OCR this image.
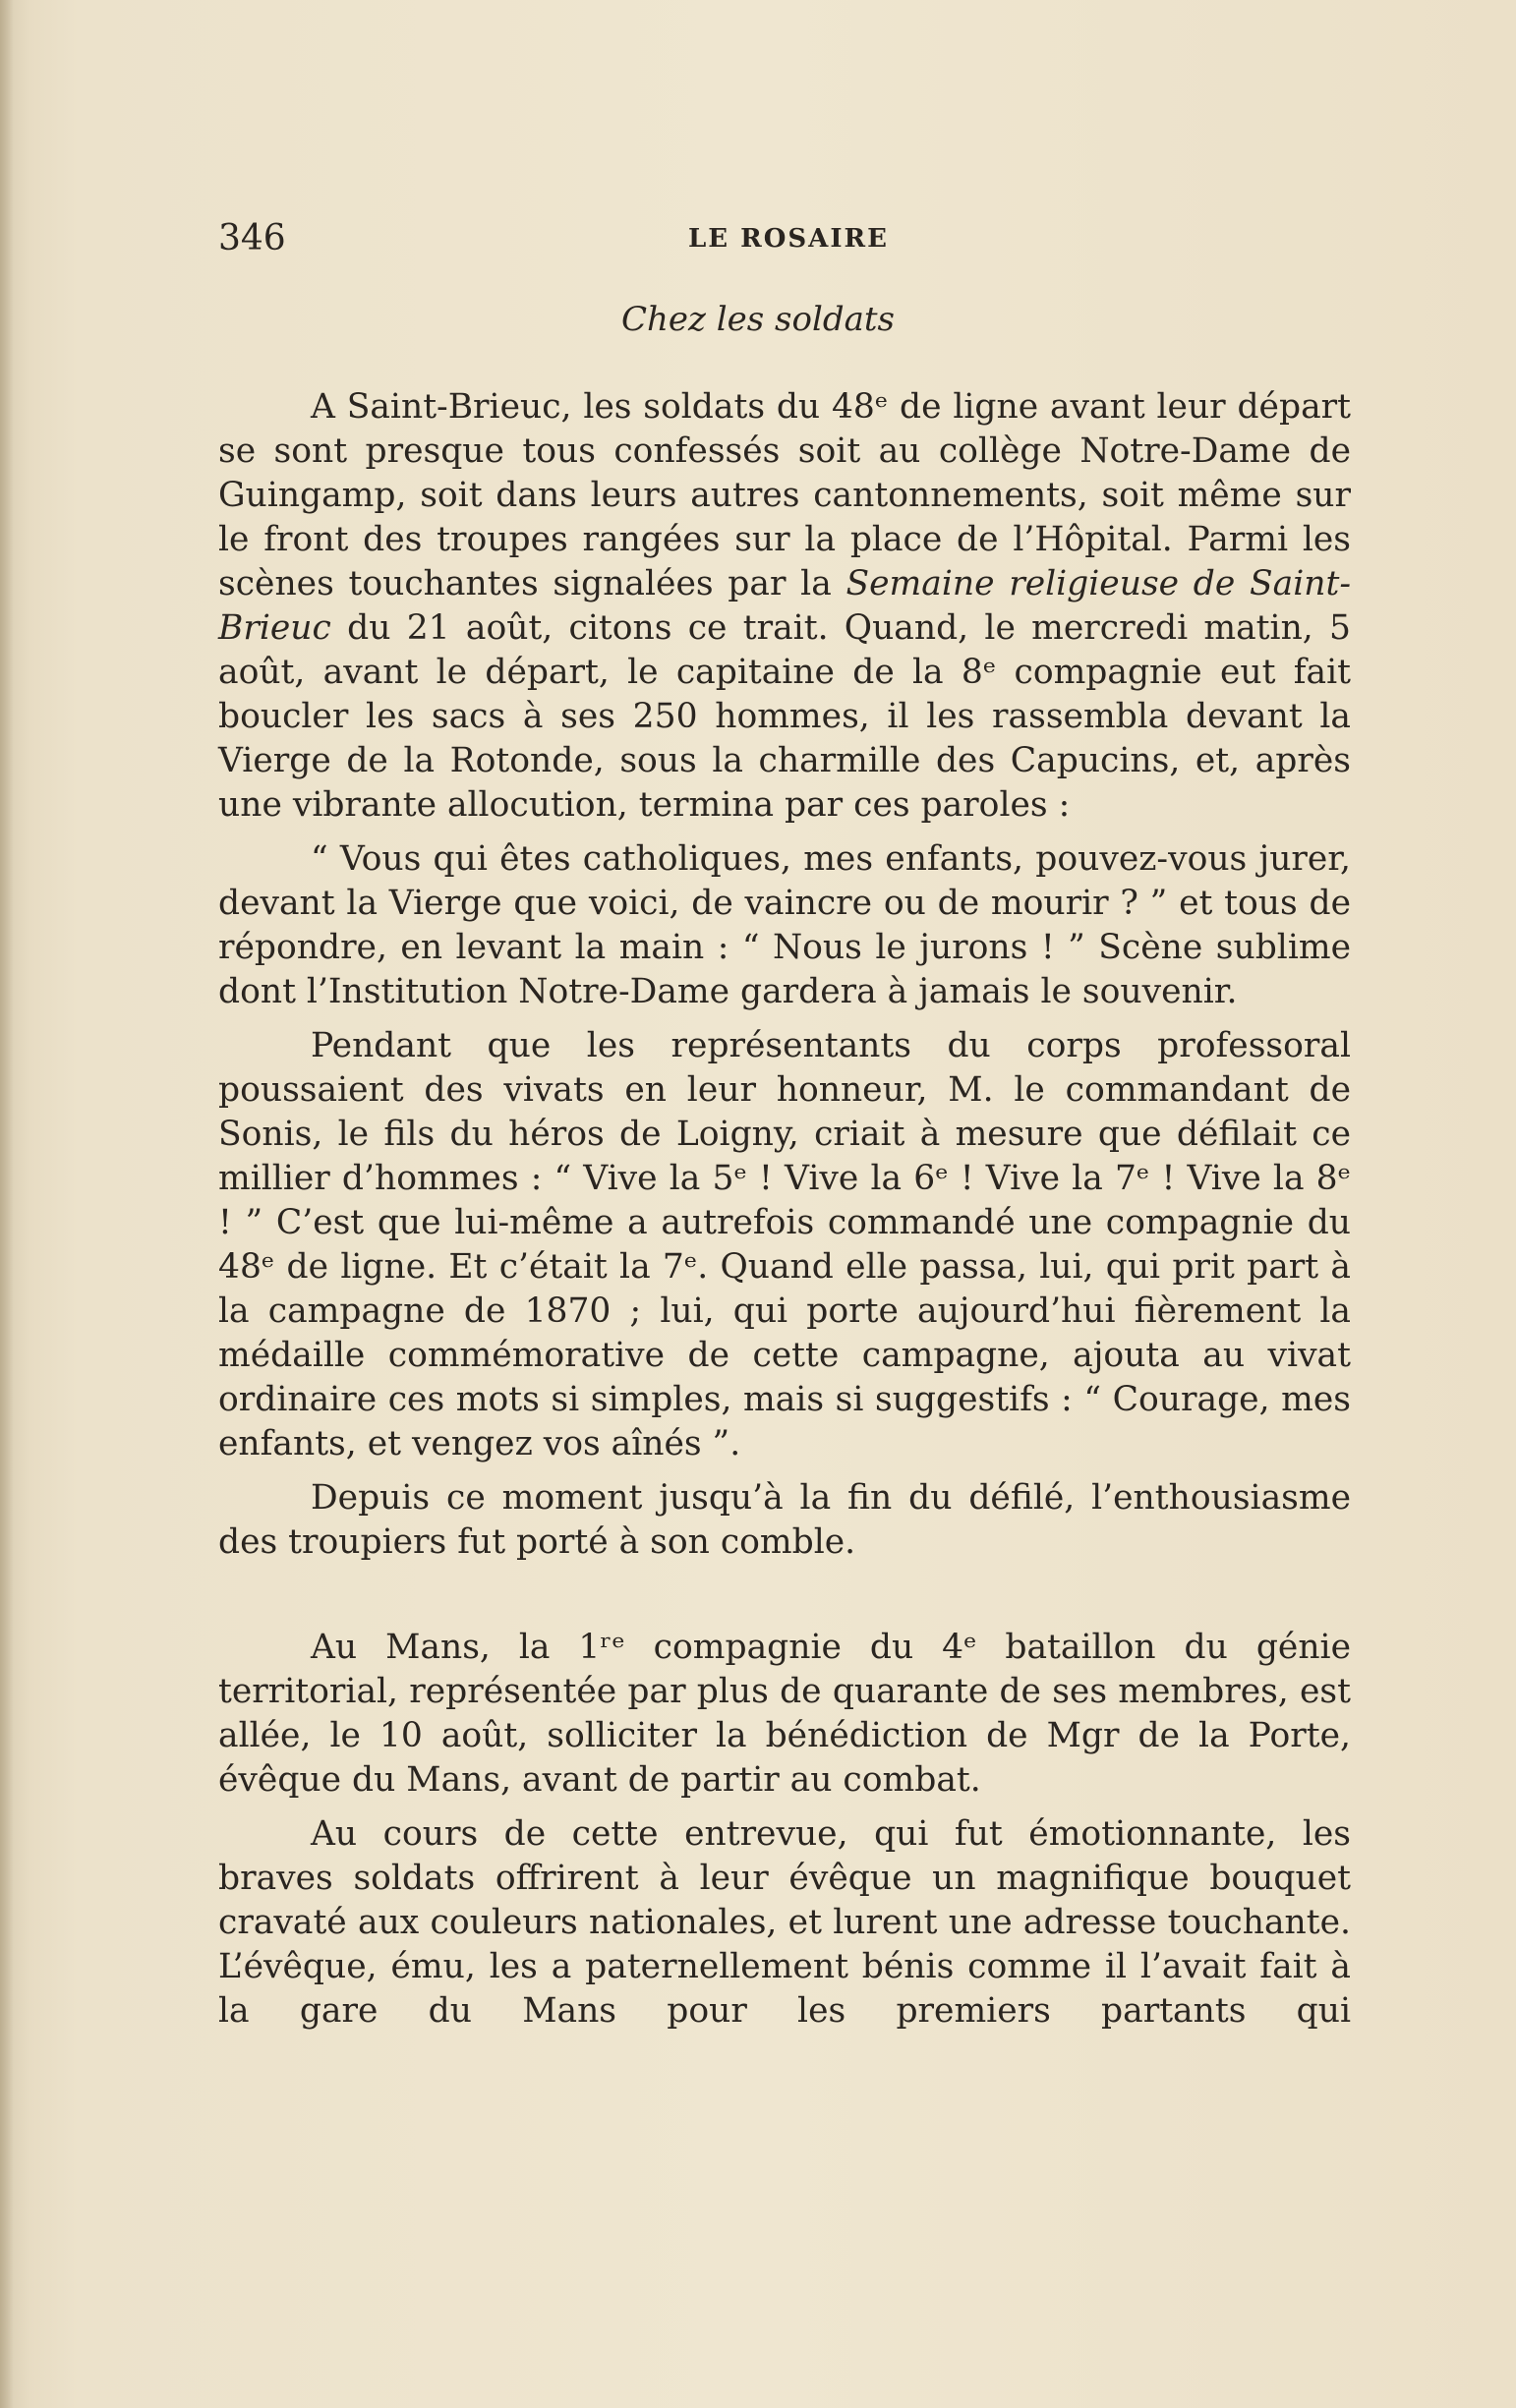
346	LE ROSAIRE
Chez les soldats

A Saint-Brieuc, les soldats du 48ᵉ de ligne avant leur départ se sont presque tous confessés soit au collège Notre-Dame de Guingamp, soit dans leurs autres cantonnements, soit même sur le front des troupes rangées sur la place de l’Hôpital. Parmi les scènes touchantes signalées par la Semaine religieuse de Saint-Brieuc du 21 août, citons ce trait. Quand, le mercredi matin, 5 août, avant le départ, le capitaine de la 8ᵉ compagnie eut fait boucler les sacs à ses 250 hommes, il les rassembla devant la Vierge de la Rotonde, sous la charmille des Capucins, et, après une vibrante allocution, termina par ces paroles :

“ Vous qui êtes catholiques, mes enfants, pouvez-vous jurer, devant la Vierge que voici, de vaincre ou de mourir ? ” et tous de répondre, en levant la main : “ Nous le jurons ! ” Scène sublime dont l’Institution Notre-Dame gardera à jamais le souvenir.

Pendant que les représentants du corps professoral poussaient des vivats en leur honneur, M. le commandant de Sonis, le fils du héros de Loigny, criait à mesure que défilait ce millier d’hommes : “ Vive la 5ᵉ ! Vive la 6ᵉ ! Vive la 7ᵉ ! Vive la 8ᵉ ! ” C’est que lui-même a autrefois commandé une compagnie du 48ᵉ de ligne. Et c’était la 7ᵉ. Quand elle passa, lui, qui prit part à la campagne de 1870 ; lui, qui porte aujourd’hui fièrement la médaille commémorative de cette campagne, ajouta au vivat ordinaire ces mots si simples, mais si suggestifs : “ Courage, mes enfants, et vengez vos aînés ”.

Depuis ce moment jusqu’à la fin du défilé, l’enthousiasme des troupiers fut porté à son comble.

Au Mans, la 1ʳᵉ compagnie du 4ᵉ bataillon du génie territorial, représentée par plus de quarante de ses membres, est allée, le 10 août, solliciter la bénédiction de Mgr de la Porte, évêque du Mans, avant de partir au combat.

Au cours de cette entrevue, qui fut émotionnante, les braves soldats offrirent à leur évêque un magnifique bouquet cravaté aux couleurs nationales, et lurent une adresse touchante. L’évêque, ému, les a paternellement bénis comme il l’avait fait à la gare du Mans pour les premiers partants qui
